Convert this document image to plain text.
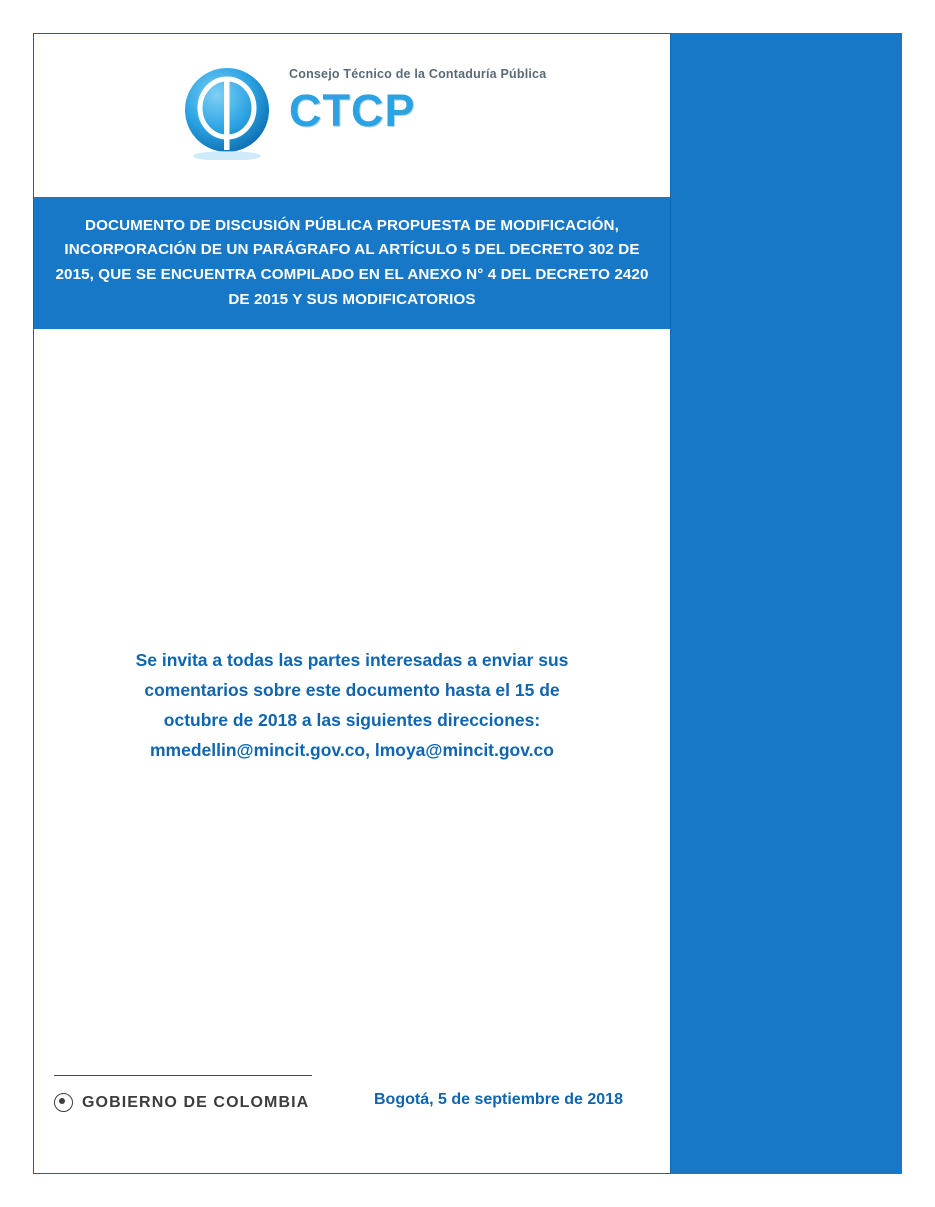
Consejo Técnico de la Contaduría Pública
CTCP
DOCUMENTO DE DISCUSIÓN PÚBLICA PROPUESTA DE MODIFICACIÓN, INCORPORACIÓN DE UN PARÁGRAFO AL ARTÍCULO 5 DEL DECRETO 302 DE 2015, QUE SE ENCUENTRA COMPILADO EN EL ANEXO N° 4 DEL DECRETO 2420 DE 2015 Y SUS MODIFICATORIOS
Se invita a todas las partes interesadas a enviar sus
comentarios sobre este documento hasta el 15 de
octubre de 2018 a las siguientes direcciones:
mmedellin@mincit.gov.co, lmoya@mincit.gov.co
GOBIERNO DE COLOMBIA	Bogotá, 5 de septiembre de 2018
